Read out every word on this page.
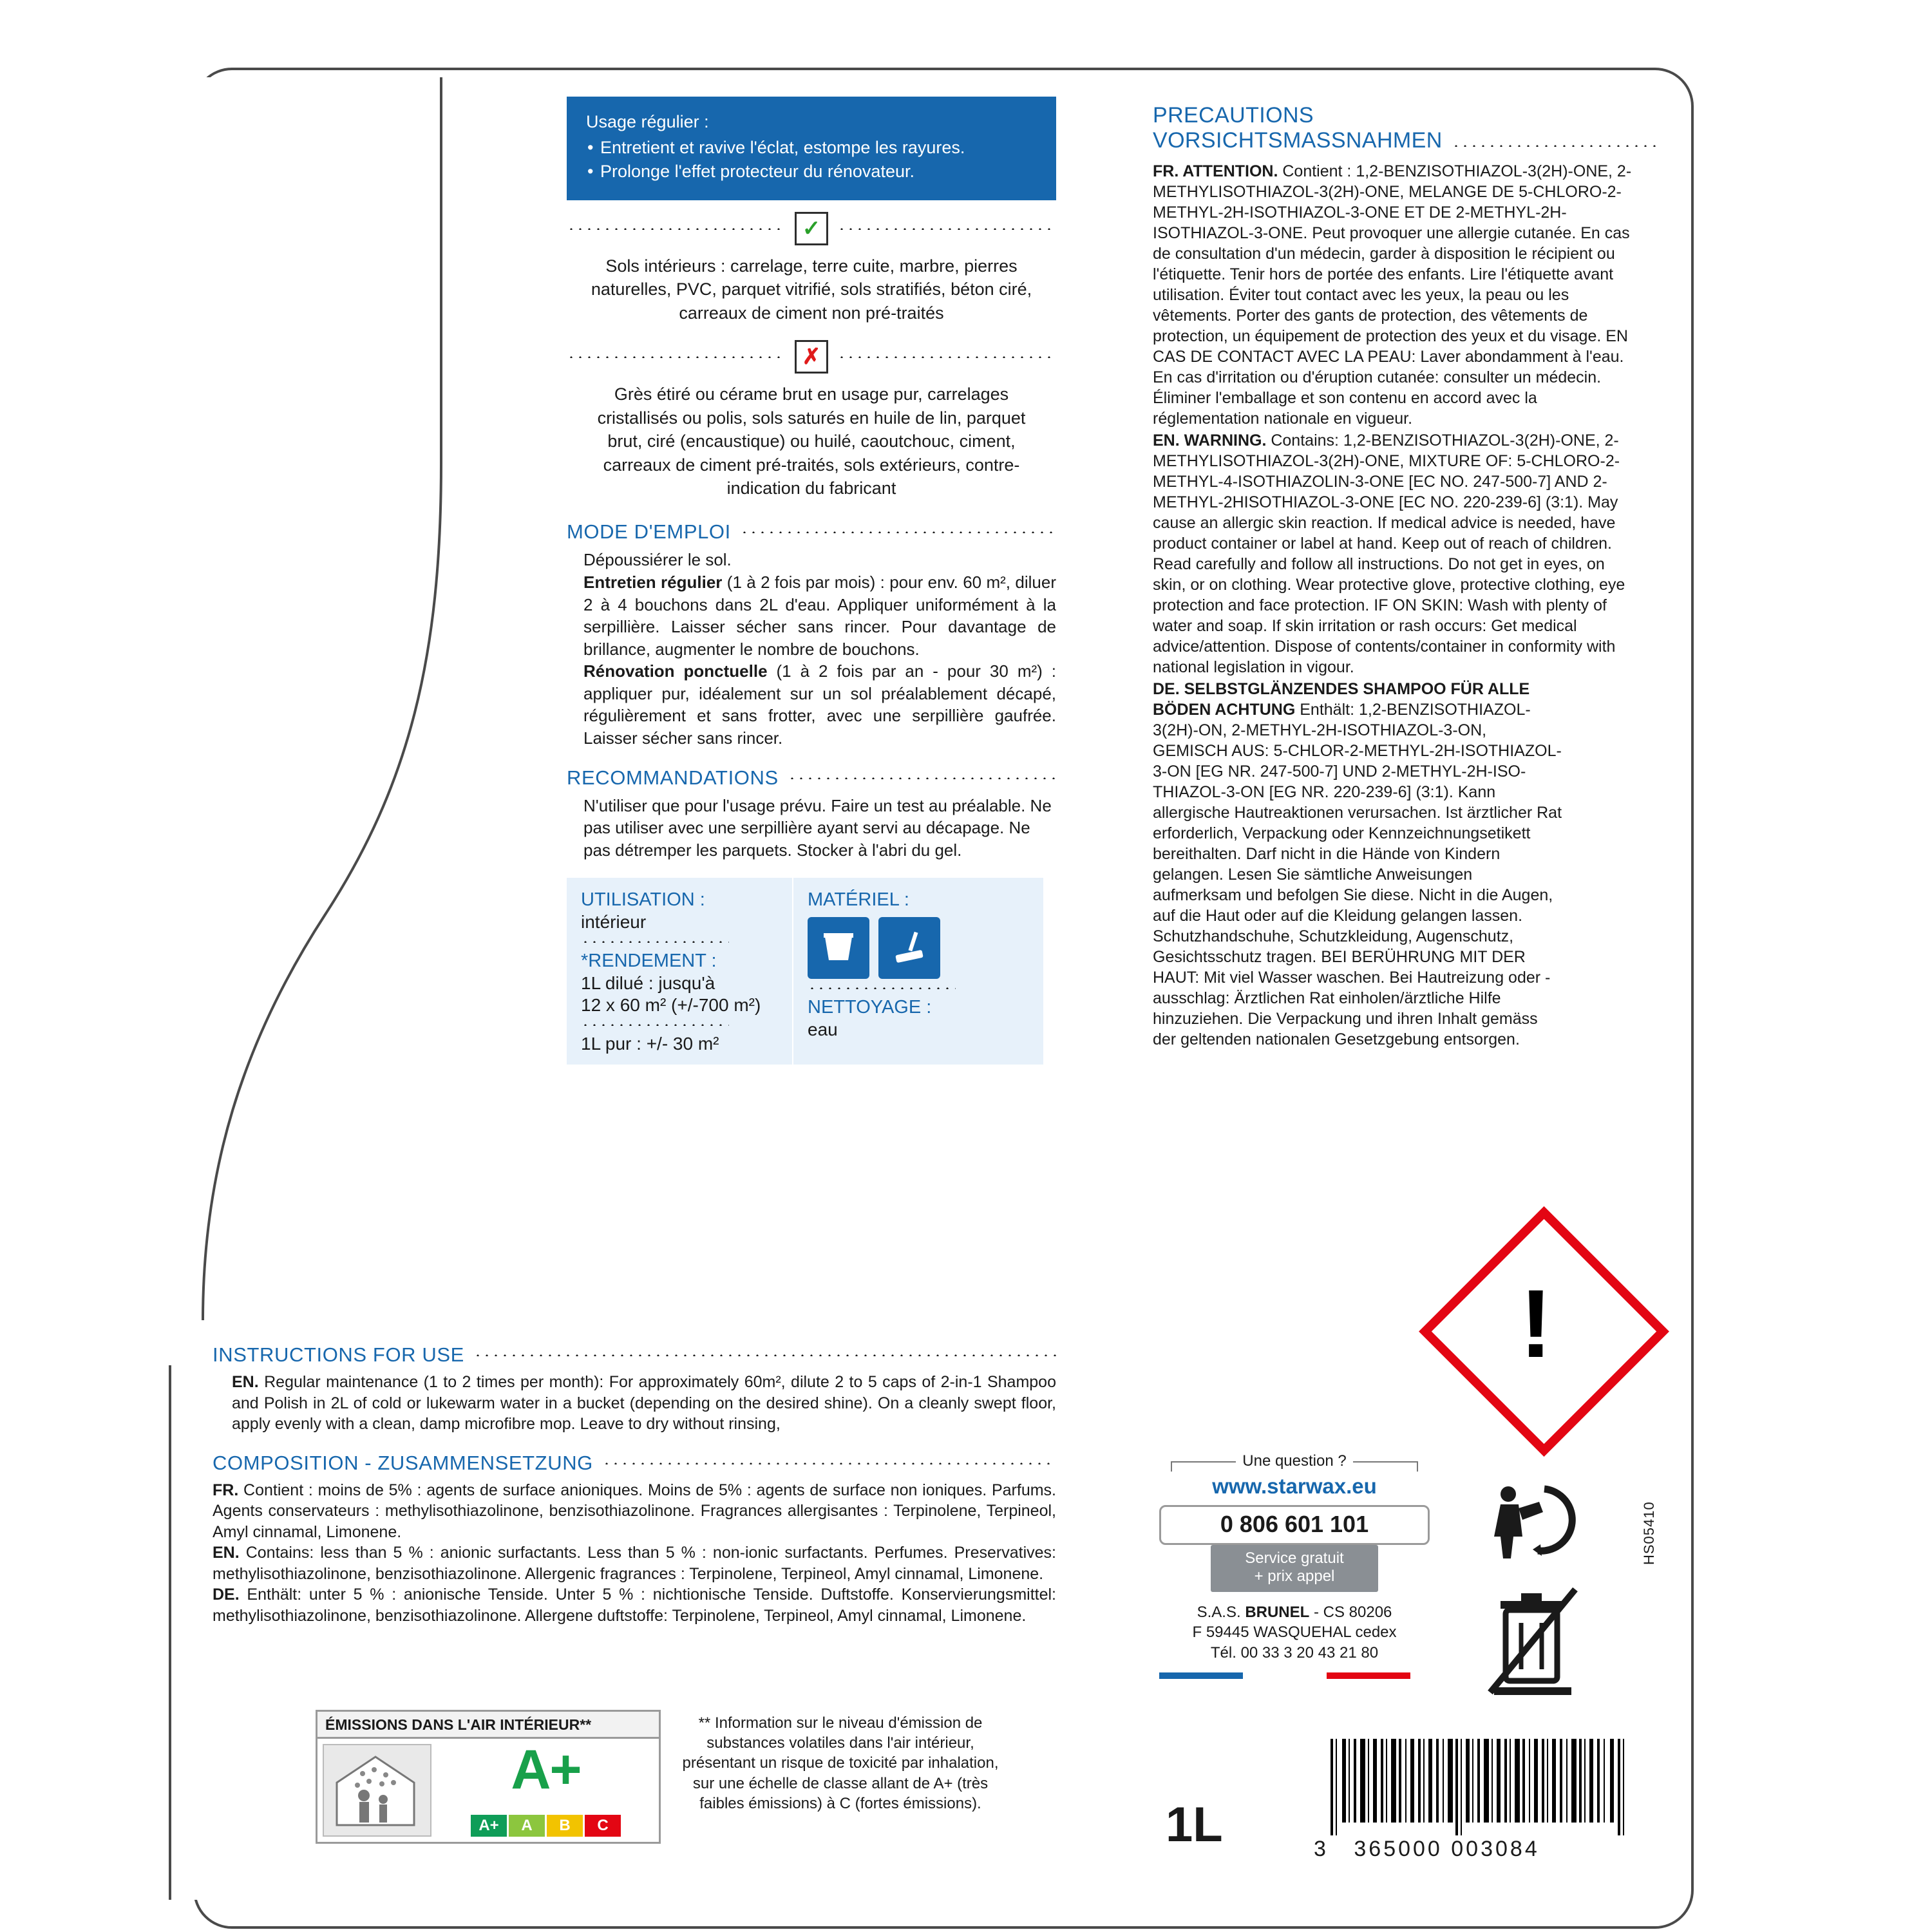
Usage régulier :
• Entretient et ravive l'éclat, estompe les rayures.
• Prolonge l'effet protecteur du rénovateur.
✓
Sols intérieurs : carrelage, terre cuite, marbre, pierres naturelles, PVC, parquet vitrifié, sols stratifiés, béton ciré, carreaux de ciment non pré-traités
✗
Grès étiré ou cérame brut en usage pur, carrelages cristallisés ou polis, sols saturés en huile de lin, parquet brut, ciré (encaustique) ou huilé, caoutchouc, ciment, carreaux de ciment pré-traités, sols extérieurs, contre-indication du fabricant
MODE D'EMPLOI
Dépoussiérer le sol.
Entretien régulier (1 à 2 fois par mois) : pour env. 60 m², diluer 2 à 4 bouchons dans 2L d'eau. Appliquer uniformément à la serpillière. Laisser sécher sans rincer. Pour davantage de brillance, augmenter le nombre de bouchons.
Rénovation ponctuelle (1 à 2 fois par an - pour 30 m²) : appliquer pur, idéalement sur un sol préalablement décapé, régulièrement et sans frotter, avec une serpillière gaufrée. Laisser sécher sans rincer.
RECOMMANDATIONS
N'utiliser que pour l'usage prévu. Faire un test au préalable. Ne pas utiliser avec une serpillière ayant servi au décapage. Ne pas détremper les parquets. Stocker à l'abri du gel.
UTILISATION :
intérieur
*RENDEMENT :
1L dilué : jusqu'à
12 x 60 m² (+/-700 m²)
1L pur : +/- 30 m²
MATÉRIEL :
NETTOYAGE :
eau
INSTRUCTIONS FOR USE
EN. Regular maintenance (1 to 2 times per month): For approximately 60m², dilute 2 to 5 caps of 2-in-1 Shampoo and Polish in 2L of cold or lukewarm water in a bucket (depending on the desired shine). On a cleanly swept floor, apply evenly with a clean, damp microfibre mop. Leave to dry without rinsing,
COMPOSITION - ZUSAMMENSETZUNG
FR. Contient : moins de 5% : agents de surface anioniques. Moins de 5% : agents de surface non ioniques. Parfums. Agents conservateurs : methylisothiazolinone, benzisothiazolinone. Fragrances allergisantes : Terpinolene, Terpineol, Amyl cinnamal, Limonene.
EN. Contains: less than 5 % : anionic surfactants. Less than 5 % : non-ionic surfactants. Perfumes. Preservatives: methylisothiazolinone, benzisothiazolinone. Allergenic fragrances : Terpinolene, Terpineol, Amyl cinnamal, Limonene.
DE. Enthält: unter 5 % : anionische Tenside. Unter 5 % : nichtionische Tenside. Duftstoffe. Konservierungsmittel: methylisothiazolinone, benzisothiazolinone. Allergene duftstoffe: Terpinolene, Terpineol, Amyl cinnamal, Limonene.
ÉMISSIONS DANS L'AIR INTÉRIEUR**
A+
A+	A	B	C
** Information sur le niveau d'émission de substances volatiles dans l'air intérieur, présentant un risque de toxicité par inhalation, sur une échelle de classe allant de A+ (très faibles émissions) à C (fortes émissions).
PRECAUTIONS
VORSICHTSMASSNAHMEN

FR. ATTENTION. Contient : 1,2-BENZISOTHIAZOL-3(2H)-ONE, 2-METHYLISOTHIAZOL-3(2H)-ONE, MELANGE DE 5-CHLORO-2-METHYL-2H-ISOTHIAZOL-3-ONE ET DE 2-METHYL-2H-ISOTHIAZOL-3-ONE. Peut provoquer une allergie cutanée. En cas de consultation d'un médecin, garder à disposition le récipient ou l'étiquette. Tenir hors de portée des enfants. Lire l'étiquette avant utilisation. Éviter tout contact avec les yeux, la peau ou les vêtements. Porter des gants de protection, des vêtements de protection, un équipement de protection des yeux et du visage. EN CAS DE CONTACT AVEC LA PEAU: Laver abondamment à l'eau. En cas d'irritation ou d'éruption cutanée: consulter un médecin. Éliminer l'emballage et son contenu en accord avec la réglementation nationale en vigueur.

EN. WARNING. Contains: 1,2-BENZISOTHIAZOL-3(2H)-ONE, 2-METHYLISOTHIAZOL-3(2H)-ONE, MIXTURE OF: 5-CHLORO-2-METHYL-4-ISOTHIAZOLIN-3-ONE [EC NO. 247-500-7] AND 2-METHYL-2HISOTHIAZOL-3-ONE [EC NO. 220-239-6] (3:1). May cause an allergic skin reaction. If medical advice is needed, have product container or label at hand. Keep out of reach of children. Read carefully and follow all instructions. Do not get in eyes, on skin, or on clothing. Wear protective glove, protective clothing, eye protection and face protection. IF ON SKIN: Wash with plenty of water and soap. If skin irritation or rash occurs: Get medical advice/attention. Dispose of contents/container in conformity with national legislation in vigour.

DE. SELBSTGLÄNZENDES SHAMPOO FÜR ALLE BÖDEN ACHTUNG Enthält: 1,2-BENZISOTHIAZOL-3(2H)-ON, 2-METHYL-2H-ISOTHIAZOL-3-ON, GEMISCH AUS: 5-CHLOR-2-METHYL-2H-ISOTHIAZOL-3-ON [EG NR. 247-500-7] UND 2-METHYL-2H-ISO-THIAZOL-3-ON [EG NR. 220-239-6] (3:1). Kann allergische Hautreaktionen verursachen. Ist ärztlicher Rat erforderlich, Verpackung oder Kennzeichnungsetikett bereithalten. Darf nicht in die Hände von Kindern gelangen. Lesen Sie sämtliche Anweisungen aufmerksam und befolgen Sie diese. Nicht in die Augen, auf die Haut oder auf die Kleidung gelangen lassen. Schutzhandschuhe, Schutzkleidung, Augenschutz, Gesichtsschutz tragen. BEI BERÜHRUNG MIT DER HAUT: Mit viel Wasser waschen. Bei Hautreizung oder -ausschlag: Ärztlichen Rat einholen/ärztliche Hilfe hinzuziehen. Die Verpackung und ihren Inhalt gemäss der geltenden nationalen Gesetzgebung entsorgen.

!
Une question ?
www.starwax.eu
0 806 601 101
Service gratuit
+ prix appel
S.A.S. BRUNEL - CS 80206
F 59445 WASQUEHAL cedex
Tél. 00 33 3 20 43 21 80
HS05410
1L	3 365000 003084
